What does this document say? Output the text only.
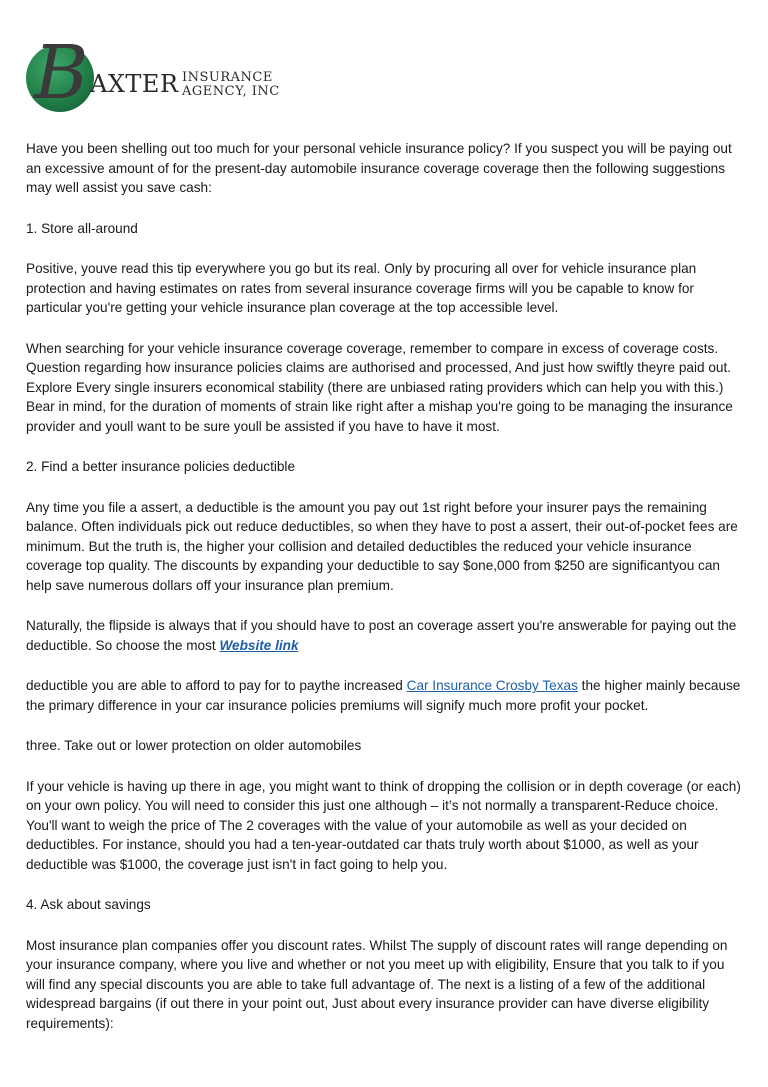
B AXTER INSURANCE
AGENCY, INC

Have you been shelling out too much for your personal vehicle insurance policy? If you suspect you will be paying out an excessive amount of for the present-day automobile insurance coverage coverage then the following suggestions may well assist you save cash:

1. Store all-around

Positive, youve read this tip everywhere you go but its real. Only by procuring all over for vehicle insurance plan protection and having estimates on rates from several insurance coverage firms will you be capable to know for particular you're getting your vehicle insurance plan coverage at the top accessible level.

When searching for your vehicle insurance coverage coverage, remember to compare in excess of coverage costs. Question regarding how insurance policies claims are authorised and processed, And just how swiftly theyre paid out. Explore Every single insurers economical stability (there are unbiased rating providers which can help you with this.) Bear in mind, for the duration of moments of strain like right after a mishap you're going to be managing the insurance provider and youll want to be sure youll be assisted if you have to have it most.

2. Find a better insurance policies deductible

Any time you file a assert, a deductible is the amount you pay out 1st right before your insurer pays the remaining balance. Often individuals pick out reduce deductibles, so when they have to post a assert, their out-of-pocket fees are minimum. But the truth is, the higher your collision and detailed deductibles the reduced your vehicle insurance coverage top quality. The discounts by expanding your deductible to say $one,000 from $250 are significantyou can help save numerous dollars off your insurance plan premium.

Naturally, the flipside is always that if you should have to post an coverage assert you're answerable for paying out the deductible. So choose the most Website link

deductible you are able to afford to pay for to paythe increased Car Insurance Crosby Texas the higher mainly because the primary difference in your car insurance policies premiums will signify much more profit your pocket.

three. Take out or lower protection on older automobiles

If your vehicle is having up there in age, you might want to think of dropping the collision or in depth coverage (or each) on your own policy. You will need to consider this just one although – it’s not normally a transparent-Reduce choice. You'll want to weigh the price of The 2 coverages with the value of your automobile as well as your decided on deductibles. For instance, should you had a ten-year-outdated car thats truly worth about $1000, as well as your deductible was $1000, the coverage just isn't in fact going to help you.

4. Ask about savings

Most insurance plan companies offer you discount rates. Whilst The supply of discount rates will range depending on your insurance company, where you live and whether or not you meet up with eligibility, Ensure that you talk to if you will find any special discounts you are able to take full advantage of. The next is a listing of a few of the additional widespread bargains (if out there in your point out, Just about every insurance provider can have diverse eligibility requirements):
